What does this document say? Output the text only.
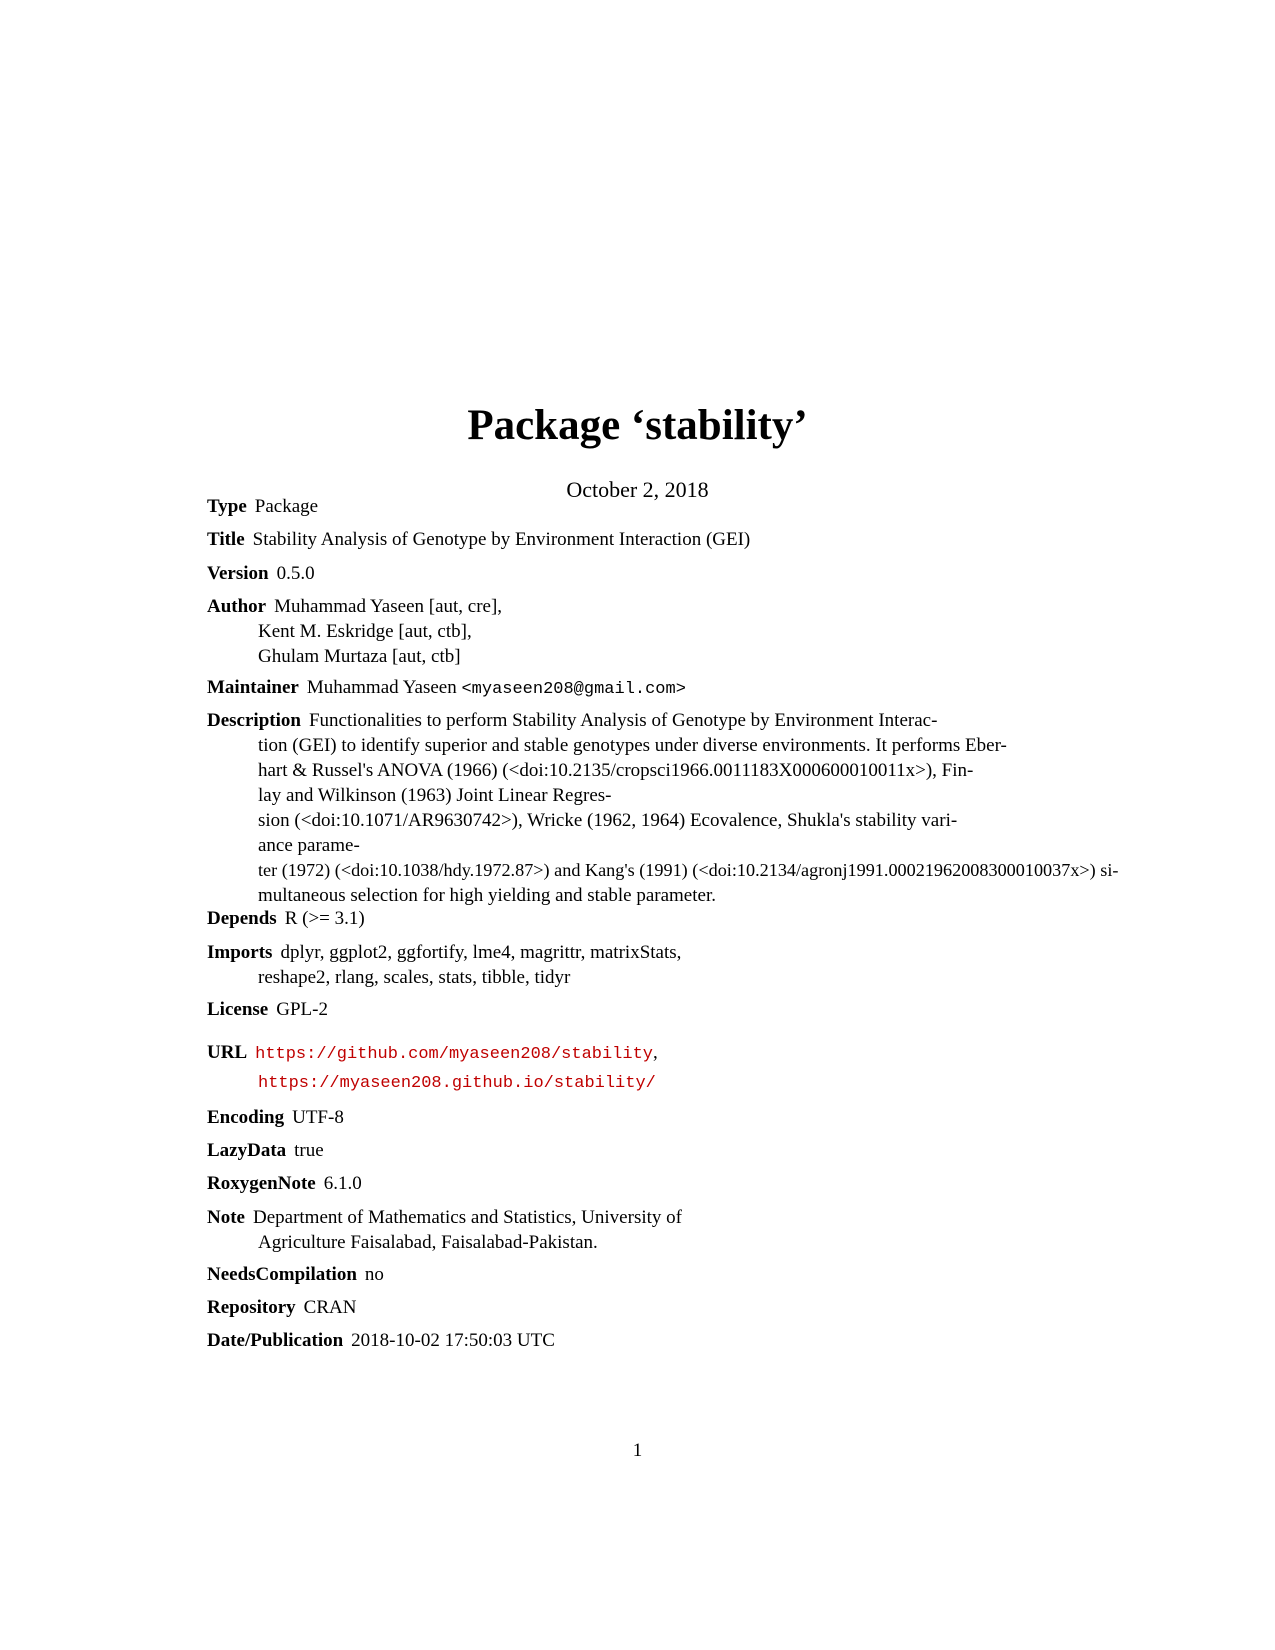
Package ‘stability’
October 2, 2018
Type Package
Title Stability Analysis of Genotype by Environment Interaction (GEI)
Version 0.5.0
Author Muhammad Yaseen [aut, cre],
Kent M. Eskridge [aut, ctb],
Ghulam Murtaza [aut, ctb]
Maintainer Muhammad Yaseen <myaseen208@gmail.com>
Description Functionalities to perform Stability Analysis of Genotype by Environment Interac-
tion (GEI) to identify superior and stable genotypes under diverse environments. It performs Eber-
hart & Russel's ANOVA (1966) (<doi:10.2135/cropsci1966.0011183X000600010011x>), Fin-
lay and Wilkinson (1963) Joint Linear Regres-
sion (<doi:10.1071/AR9630742>), Wricke (1962, 1964) Ecovalence, Shukla's stability vari-
ance parame-
ter (1972) (<doi:10.1038/hdy.1972.87>) and Kang's (1991) (<doi:10.2134/agronj1991.00021962008300010037x>) si-
multaneous selection for high yielding and stable parameter.
Depends R (>= 3.1)
Imports dplyr, ggplot2, ggfortify, lme4, magrittr, matrixStats,
reshape2, rlang, scales, stats, tibble, tidyr
License GPL-2
URL https://github.com/myaseen208/stability,
https://myaseen208.github.io/stability/
Encoding UTF-8
LazyData true
RoxygenNote 6.1.0
Note Department of Mathematics and Statistics, University of
Agriculture Faisalabad, Faisalabad-Pakistan.
NeedsCompilation no
Repository CRAN
Date/Publication 2018-10-02 17:50:03 UTC
1
